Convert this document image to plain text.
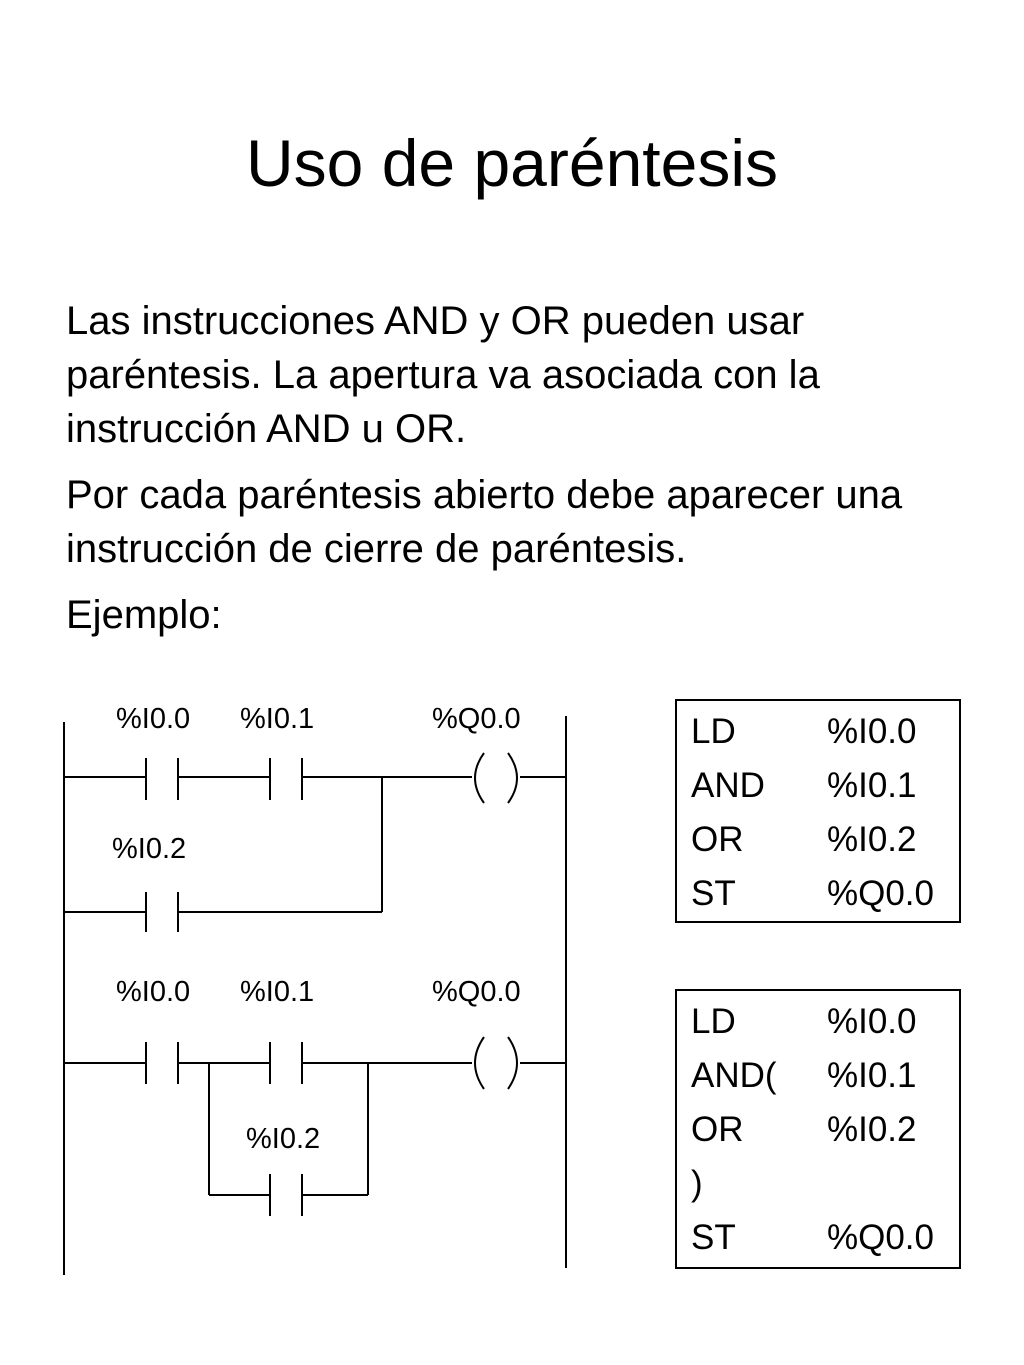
Uso de paréntesis

Las instrucciones AND y OR pueden usar paréntesis. La apertura va asociada con la instrucción AND u OR.

Por cada paréntesis abierto debe aparecer una instrucción de cierre de paréntesis.

Ejemplo:

%I0.0 %I0.1	%Q0.0
%I0.2
%I0.0 %I0.1	%Q0.0
%I0.2
LD	%I0.0
AND	%I0.1
OR	%I0.2
ST	%Q0.0
LD	%I0.0
AND(	%I0.1
OR	%I0.2
)
ST	%Q0.0
